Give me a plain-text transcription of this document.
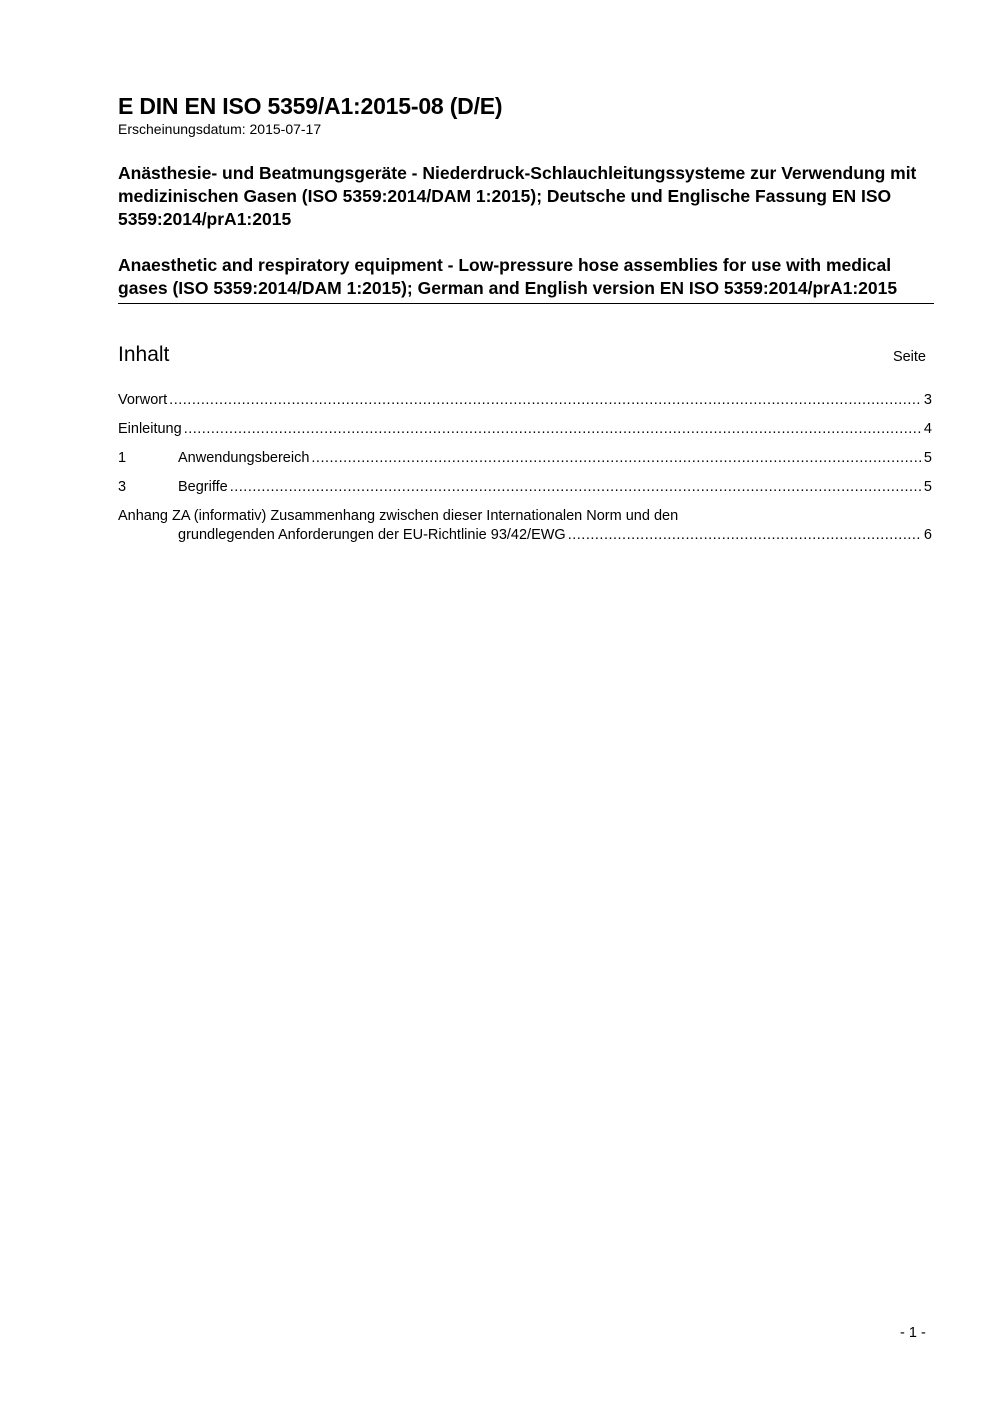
E DIN EN ISO 5359/A1:2015-08 (D/E)
Erscheinungsdatum: 2015-07-17
Anästhesie- und Beatmungsgeräte - Niederdruck-Schlauchleitungssysteme zur Verwendung mit medizinischen Gasen (ISO 5359:2014/DAM 1:2015); Deutsche und Englische Fassung EN ISO 5359:2014/prA1:2015
Anaesthetic and respiratory equipment - Low-pressure hose assemblies for use with medical gases (ISO 5359:2014/DAM 1:2015); German and English version EN ISO 5359:2014/prA1:2015
Inhalt	Seite
Vorwort .....	3
Einleitung .....	4
1	Anwendungsbereich .....	5
3	Begriffe .....	5
Anhang ZA (informativ) Zusammenhang zwischen dieser Internationalen Norm und den
grundlegenden Anforderungen der EU-Richtlinie 93/42/EWG .....	6
- 1 -
